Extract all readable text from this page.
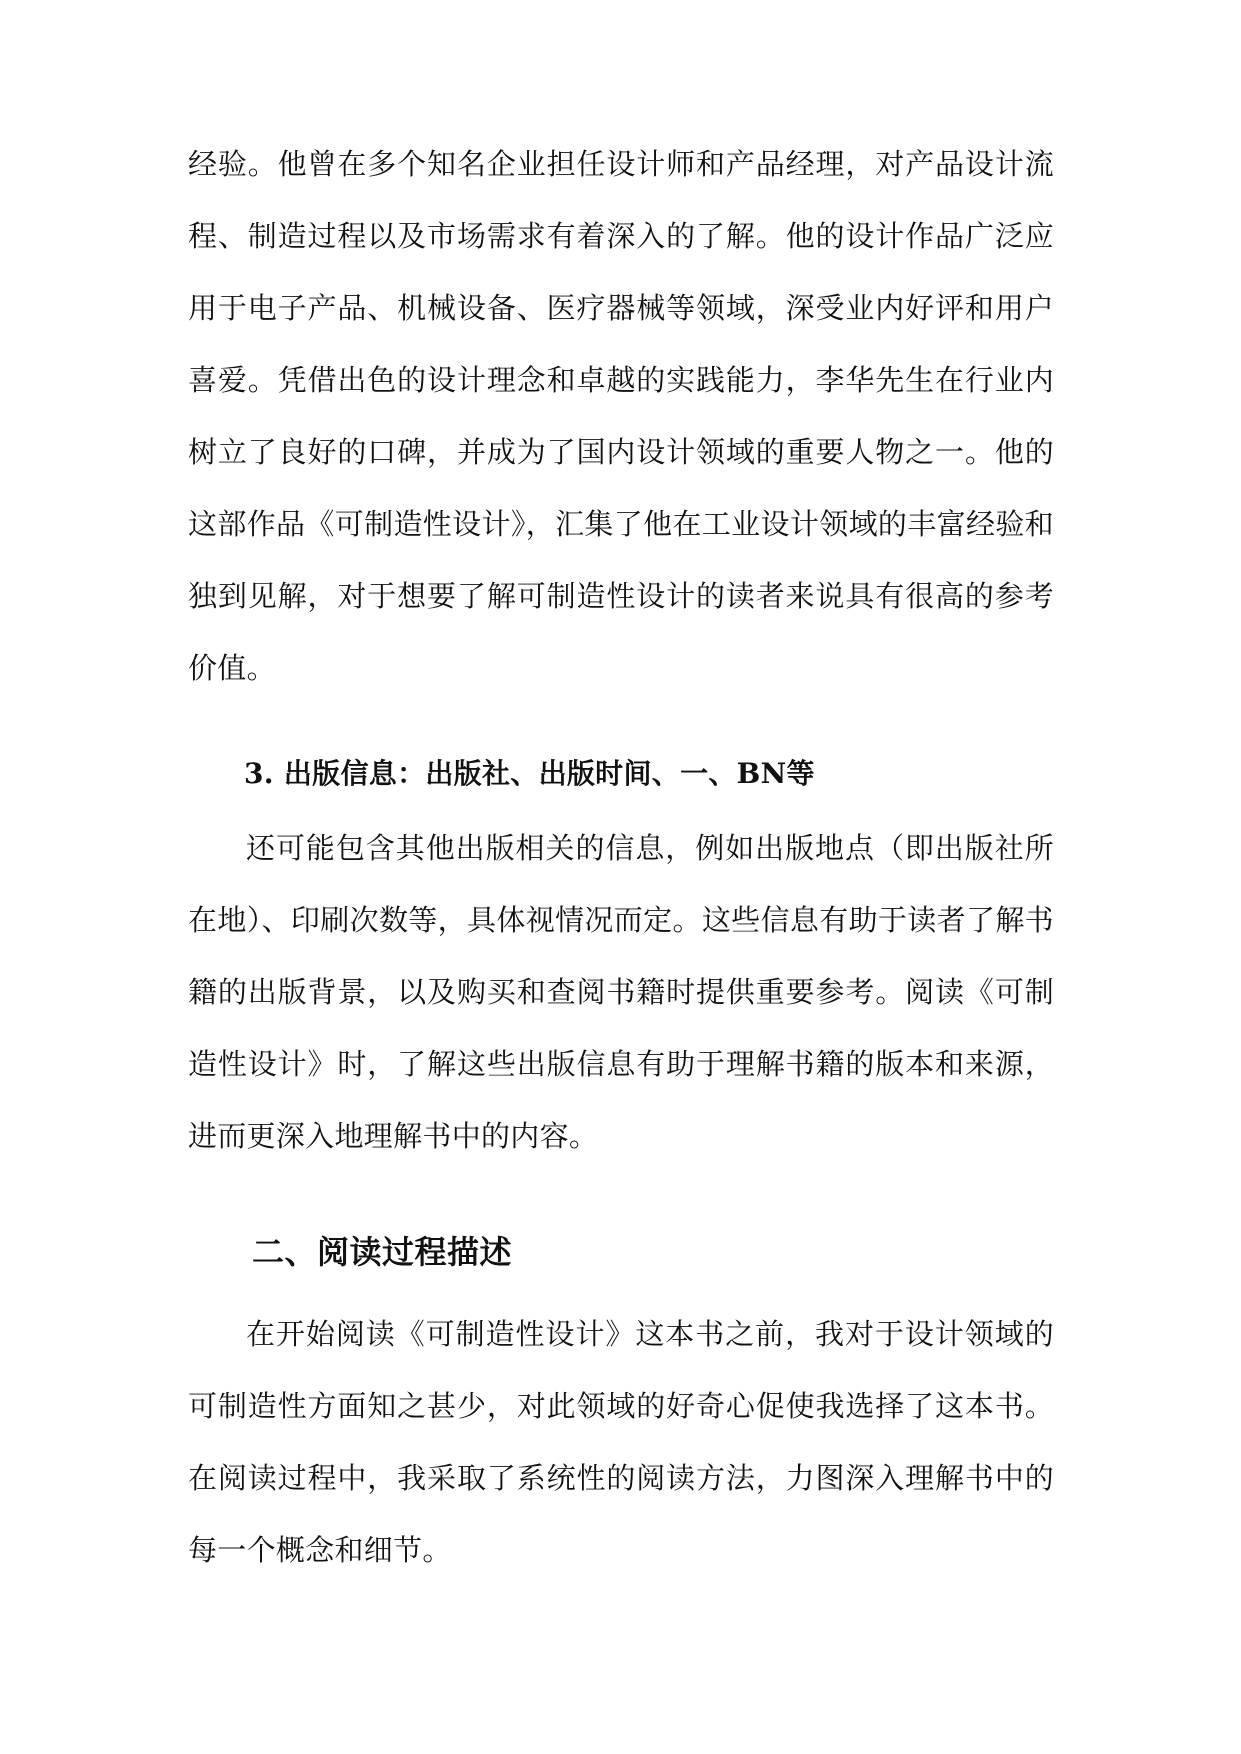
经验。他曾在多个知名企业担任设计师和产品经理，对产品设计流程、制造过程以及市场需求有着深入的了解。他的设计作品广泛应用于电子产品、机械设备、医疗器械等领域，深受业内好评和用户喜爱。凭借出色的设计理念和卓越的实践能力，李华先生在行业内树立了良好的口碑，并成为了国内设计领域的重要人物之一。他的这部作品《可制造性设计》，汇集了他在工业设计领域的丰富经验和独到见解，对于想要了解可制造性设计的读者来说具有很高的参考价值。

3. 出版信息：出版社、出版时间、一、BN等

还可能包含其他出版相关的信息，例如出版地点（即出版社所在地）、印刷次数等，具体视情况而定。这些信息有助于读者了解书籍的出版背景，以及购买和查阅书籍时提供重要参考。阅读《可制造性设计》时，了解这些出版信息有助于理解书籍的版本和来源，进而更深入地理解书中的内容。

二、阅读过程描述

在开始阅读《可制造性设计》这本书之前，我对于设计领域的可制造性方面知之甚少，对此领域的好奇心促使我选择了这本书。在阅读过程中，我采取了系统性的阅读方法，力图深入理解书中的每一个概念和细节。
